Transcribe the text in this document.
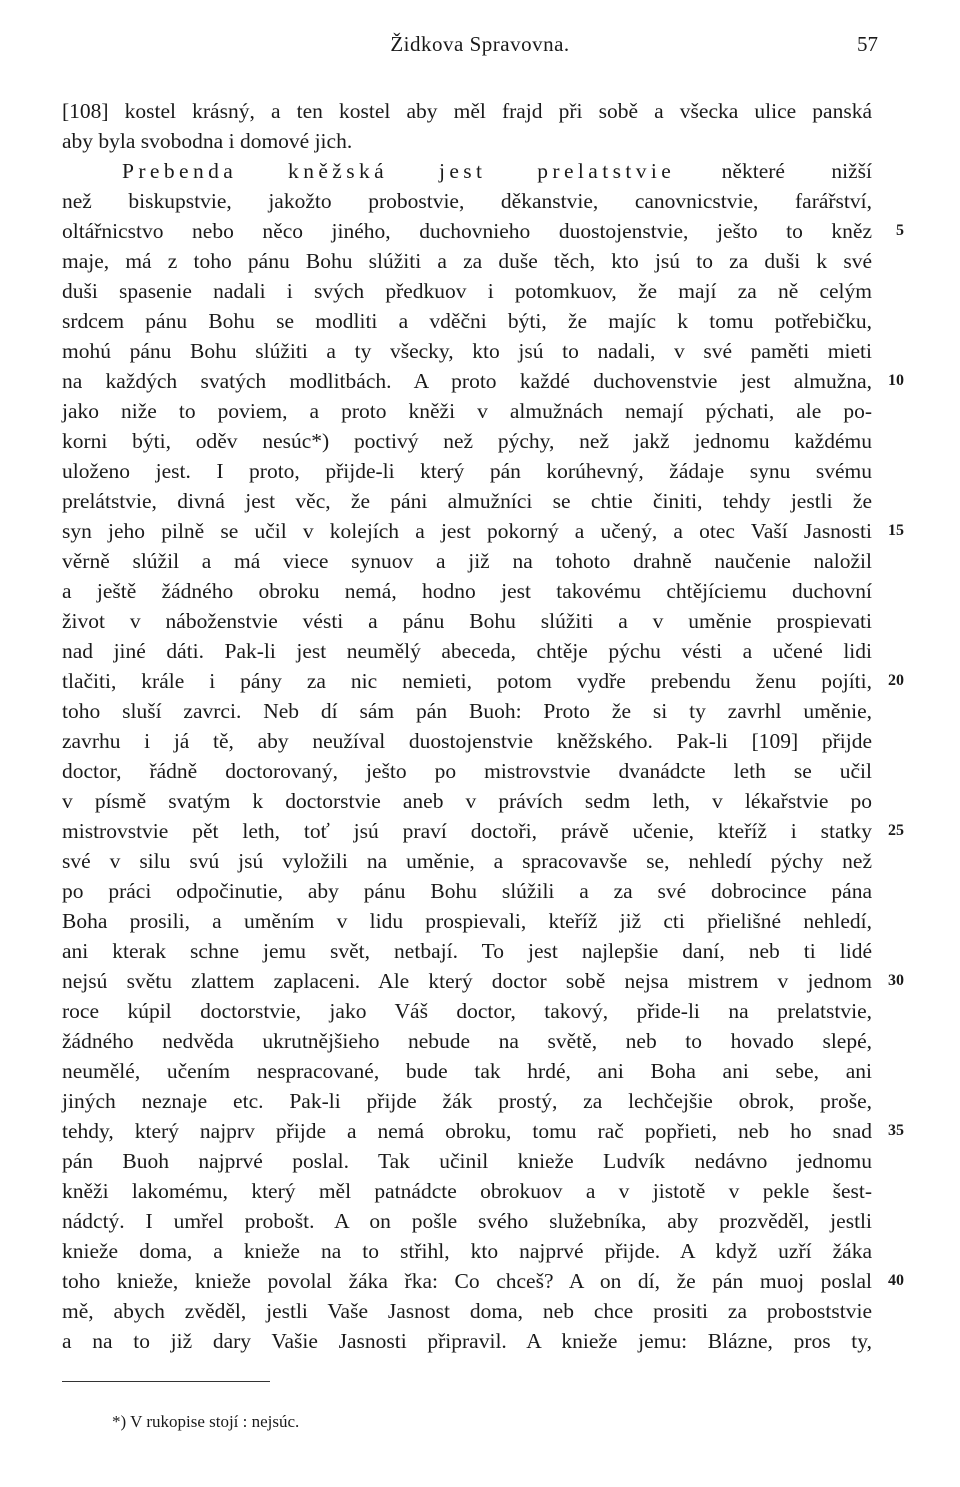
Židkova Spravovna.	57
[108] kostel krásný, a ten kostel aby měl frajd při sobě a všecka ulice panská
aby byla svobodna i domové jich.
Prebenda kněžská jest prelatstvie některé nižší
než biskupstvie, jakožto probostvie, děkanstvie, canovnicstvie, farářství,
oltářnicstvo nebo něco jiného, duchovnieho duostojenstvie, ješto to kněz
maje, má z toho pánu Bohu slúžiti a za duše těch, kto jsú to za duši k své
duši spasenie nadali i svých předkuov i potomkuov, že mají za ně celým
srdcem pánu Bohu se modliti a vděčni býti, že majíc k tomu potřebičku,
mohú pánu Bohu slúžiti a ty všecky, kto jsú to nadali, v své paměti mieti
na každých svatých modlitbách. A proto každé duchovenstvie jest almužna,
jako niže to poviem, a proto kněži v almužnách nemají pýchati, ale po-
korni býti, oděv nesúc*) poctivý než pýchy, než jakž jednomu každému
uloženo jest. I proto, přijde-li který pán korúhevný, žádaje synu svému
prelátstvie, divná jest věc, že páni almužníci se chtie činiti, tehdy jestli že
syn jeho pilně se učil v kolejích a jest pokorný a učený, a otec Vaší Jasnosti
věrně slúžil a má viece synuov a již na tohoto drahně naučenie naložil
a ještě žádného obroku nemá, hodno jest takovému chtějíciemu duchovní
život v náboženstvie vésti a pánu Bohu slúžiti a v uměnie prospievati
nad jiné dáti. Pak-li jest neumělý abeceda, chtěje pýchu vésti a učené lidi
tlačiti, krále i pány za nic nemieti, potom vydře prebendu ženu pojíti,
toho sluší zavrci. Neb dí sám pán Buoh: Proto že si ty zavrhl uměnie,
zavrhu i já tě, aby neužíval duostojenstvie kněžského. Pak-li [109] přijde
doctor, řádně doctorovaný, ješto po mistrovstvie dvanádcte leth se učil
v písmě svatým k doctorstvie aneb v právích sedm leth, v lékařstvie po
mistrovstvie pět leth, toť jsú praví doctoři, právě učenie, kteříž i statky
své v silu svú jsú vyložili na uměnie, a spracovavše se, nehledí pýchy než
po práci odpočinutie, aby pánu Bohu slúžili a za své dobrocince pána
Boha prosili, a uměním v lidu prospievali, kteříž již cti přielišné nehledí,
ani kterak schne jemu svět, netbají. To jest najlepšie daní, neb ti lidé
nejsú světu zlattem zaplaceni. Ale který doctor sobě nejsa mistrem v jednom
roce kúpil doctorstvie, jako Váš doctor, takový, přide-li na prelatstvie,
žádného nedvěda ukrutnějšieho nebude na světě, neb to hovado slepé,
neumělé, učením nespracované, bude tak hrdé, ani Boha ani sebe, ani
jiných neznaje etc. Pak-li přijde žák prostý, za lechčejšie obrok, proše,
tehdy, který najprv přijde a nemá obroku, tomu rač popřieti, neb ho snad
pán Buoh najprvé poslal. Tak učinil knieže Ludvík nedávno jednomu
kněži lakomému, který měl patnádcte obrokuov a v jistotě v pekle šest-
nádctý. I umřel probošt. A on pošle svého služebníka, aby prozvěděl, jestli
knieže doma, a knieže na to střihl, kto najprvé přijde. A když uzří žáka
toho knieže, knieže povolal žáka řka: Co chceš? A on dí, že pán muoj poslal
mě, abych zvěděl, jestli Vaše Jasnost doma, neb chce prositi za proboststvie
a na to již dary Vašie Jasnosti připravil. A knieže jemu: Blázne, pros ty,
5
10
15
20
25
30
35
40
*) V rukopise stojí : nejsúc.
